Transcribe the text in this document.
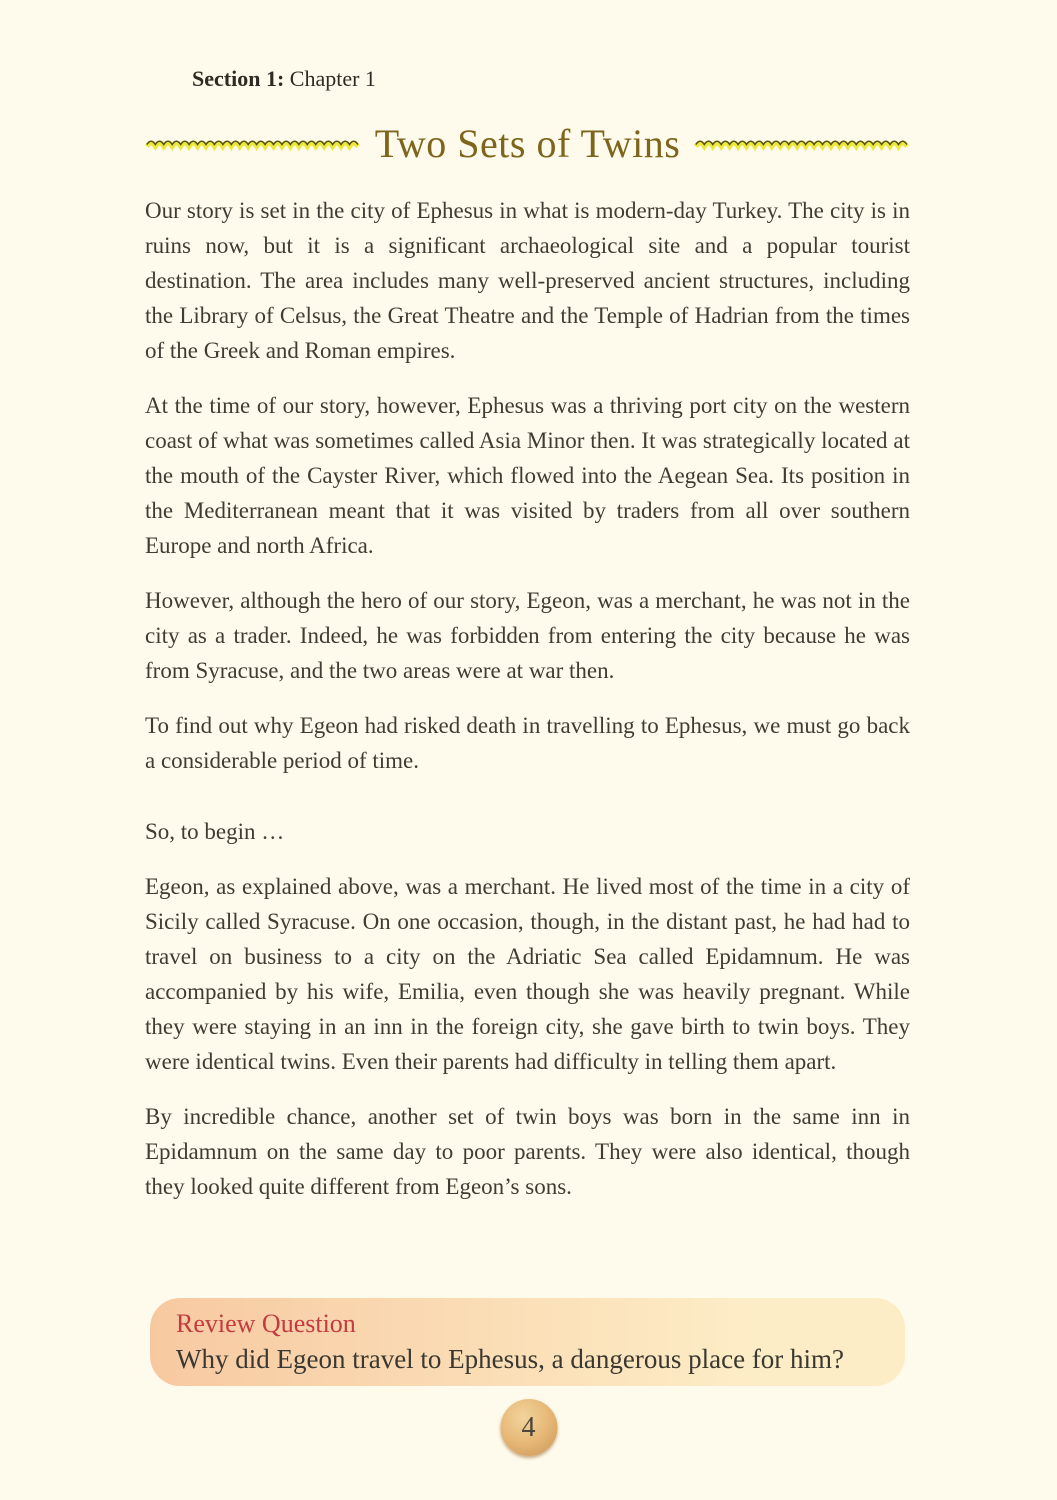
Section 1: Chapter 1
Two Sets of Twins

Our story is set in the city of Ephesus in what is modern-day Turkey. The city is in ruins now, but it is a significant archaeological site and a popular tourist destination. The area includes many well-preserved ancient structures, including the Library of Celsus, the Great Theatre and the Temple of Hadrian from the times of the Greek and Roman empires.

At the time of our story, however, Ephesus was a thriving port city on the western coast of what was sometimes called Asia Minor then. It was strategically located at the mouth of the Cayster River, which flowed into the Aegean Sea. Its position in the Mediterranean meant that it was visited by traders from all over southern Europe and north Africa.

However, although the hero of our story, Egeon, was a merchant, he was not in the city as a trader. Indeed, he was forbidden from entering the city because he was from Syracuse, and the two areas were at war then.

To find out why Egeon had risked death in travelling to Ephesus, we must go back a considerable period of time.

So, to begin …

Egeon, as explained above, was a merchant. He lived most of the time in a city of Sicily called Syracuse. On one occasion, though, in the distant past, he had had to travel on business to a city on the Adriatic Sea called Epidamnum. He was accompanied by his wife, Emilia, even though she was heavily pregnant. While they were staying in an inn in the foreign city, she gave birth to twin boys. They were identical twins. Even their parents had difficulty in telling them apart.

By incredible chance, another set of twin boys was born in the same inn in Epidamnum on the same day to poor parents. They were also identical, though they looked quite different from Egeon’s sons.

Review Question
Why did Egeon travel to Ephesus, a dangerous place for him?
4
